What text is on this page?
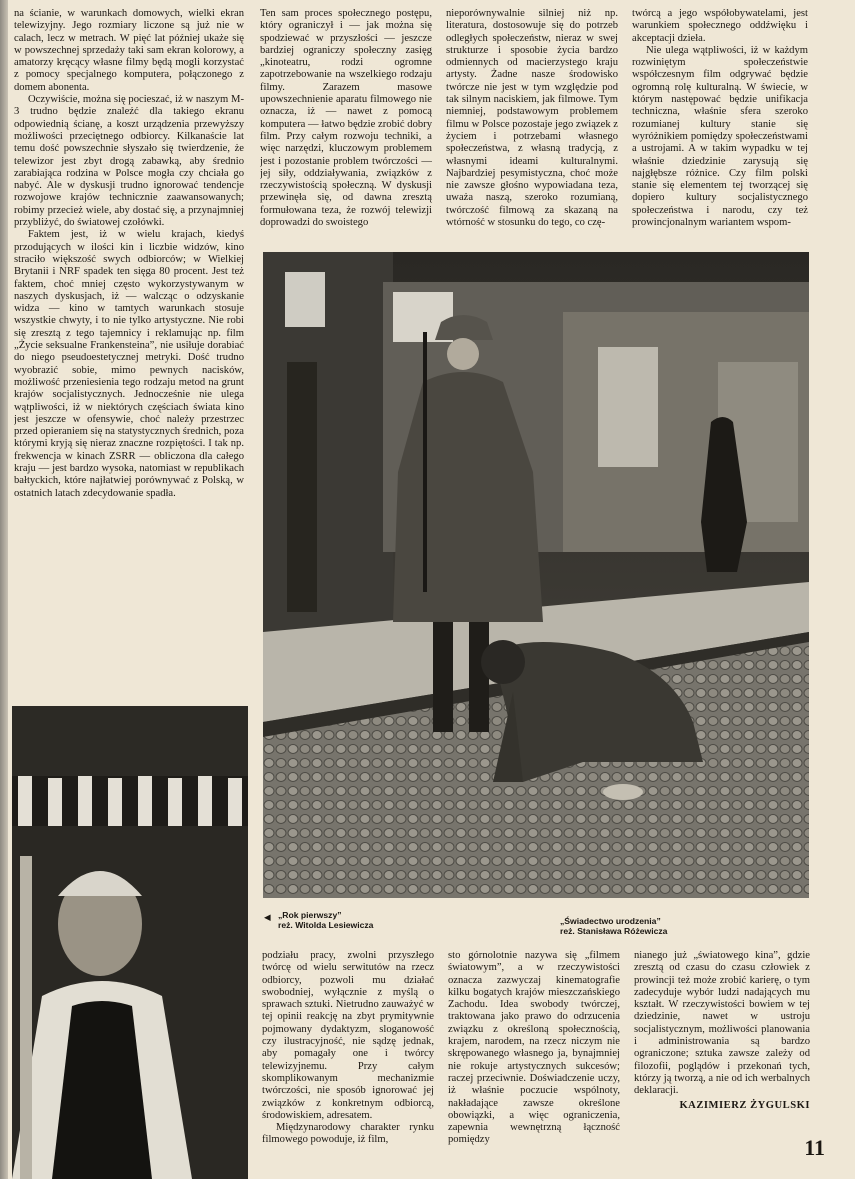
na ścianie, w warunkach domowych, wielki ekran telewizyjny. Jego rozmiary liczone są już nie w calach, lecz w metrach. W pięć lat później ukaże się w powszechnej sprzedaży taki sam ekran kolorowy, a amatorzy kręcący własne filmy będą mogli korzystać z pomocy specjalnego komputera, połączonego z domem abonenta.

Oczywiście, można się pocieszać, iż w naszym M-3 trudno będzie znaleźć dla takiego ekranu odpowiednią ścianę, a koszt urządzenia przewyższy możliwości przeciętnego odbiorcy. Kilkanaście lat temu dość powszechnie słyszało się twierdzenie, że telewizor jest zbyt drogą zabawką, aby średnio zarabiająca rodzina w Polsce mogła czy chciała go nabyć. Ale w dyskusji trudno ignorować tendencje rozwojowe krajów technicznie zaawansowanych; robimy przecież wiele, aby dostać się, a przynajmniej przybliżyć, do światowej czołówki.

Faktem jest, iż w wielu krajach, kiedyś przodujących w ilości kin i liczbie widzów, kino straciło większość swych odbiorców; w Wielkiej Brytanii i NRF spadek ten sięga 80 procent. Jest też faktem, choć mniej często wykorzystywanym w naszych dyskusjach, iż — walcząc o odzyskanie widza — kino w tamtych warunkach stosuje wszystkie chwyty, i to nie tylko artystyczne. Nie robi się zresztą z tego tajemnicy i reklamując np. film „Życie seksualne Frankensteina”, nie usiłuje dorabiać do niego pseudoestetycznej metryki. Dość trudno wyobrazić sobie, mimo pewnych nacisków, możliwość przeniesienia tego rodzaju metod na grunt krajów socjalistycznych. Jednocześnie nie ulega wątpliwości, iż w niektórych częściach świata kino jest jeszcze w ofensywie, choć należy przestrzec przed opieraniem się na statystycznych średnich, poza którymi kryją się nieraz znaczne rozpiętości. I tak np. frekwencja w kinach ZSRR — obliczona dla całego kraju — jest bardzo wysoka, natomiast w republikach bałtyckich, które najłatwiej porównywać z Polską, w ostatnich latach zdecydowanie spadła.

Ten sam proces społecznego postępu, który ograniczył i — jak można się spodziewać w przyszłości — jeszcze bardziej ograniczy społeczny zasięg „kinoteatru, rodzi ogromne zapotrzebowanie na wszelkiego rodzaju filmy. Zarazem masowe upowszechnienie aparatu filmowego nie oznacza, iż — nawet z pomocą komputera — łatwo będzie zrobić dobry film. Przy całym rozwoju techniki, a więc narzędzi, kluczowym problemem jest i pozostanie problem twórczości — jej siły, oddziaływania, związków z rzeczywistością społeczną. W dyskusji przewinęła się, od dawna zresztą formułowana teza, że rozwój telewizji doprowadzi do swoistego

nieporównywalnie silniej niż np. literatura, dostosowuje się do potrzeb odległych społeczeństw, nieraz w swej strukturze i sposobie życia bardzo odmiennych od macierzystego kraju artysty. Żadne nasze środowisko twórcze nie jest w tym względzie pod tak silnym naciskiem, jak filmowe. Tym niemniej, podstawowym problemem filmu w Polsce pozostaje jego związek z życiem i potrzebami własnego społeczeństwa, z własną tradycją, z własnymi ideami kulturalnymi. Najbardziej pesymistyczna, choć może nie zawsze głośno wypowiadana teza, uważa naszą, szeroko rozumianą, twórczość filmową za skazaną na wtórność w stosunku do tego, co czę-

twórcą a jego współobywatelami, jest warunkiem społecznego oddźwięku i akceptacji dzieła.

Nie ulega wątpliwości, iż w każdym rozwiniętym społeczeństwie współczesnym film odgrywać będzie ogromną rolę kulturalną. W świecie, w którym następować będzie unifikacja techniczna, właśnie sfera szeroko rozumianej kultury stanie się wyróżnikiem pomiędzy społeczeństwami a ustrojami. A w takim wypadku w tej właśnie dziedzinie zarysują się najgłębsze różnice. Czy film polski stanie się elementem tej tworzącej się dopiero kultury socjalistycznego społeczeństwa i narodu, czy też prowincjonalnym wariantem wspom-

◀ „Rok pierwszy”
reż. Witolda Lesiewicza	„Świadectwo urodzenia”
reż. Stanisława Różewicza

podziału pracy, zwolni przyszłego twórcę od wielu serwitutów na rzecz odbiorcy, pozwoli mu działać swobodniej, wyłącznie z myślą o sprawach sztuki. Nietrudno zauważyć w tej opinii reakcję na zbyt prymitywnie pojmowany dydaktyzm, sloganowość czy ilustracyjność, nie sądzę jednak, aby pomagały one i twórcy telewizyjnemu. Przy całym skomplikowanym mechanizmie twórczości, nie sposób ignorować jej związków z konkretnym odbiorcą, środowiskiem, adresatem.

Międzynarodowy charakter rynku filmowego powoduje, iż film,

sto górnolotnie nazywa się „filmem światowym”, a w rzeczywistości oznacza zazwyczaj kinematografie kilku bogatych krajów mieszczańskiego Zachodu. Idea swobody twórczej, traktowana jako prawo do odrzucenia związku z określoną społecznością, krajem, narodem, na rzecz niczym nie skrępowanego własnego ja, bynajmniej nie rokuje artystycznych sukcesów; raczej przeciwnie. Doświadczenie uczy, iż właśnie poczucie wspólnoty, nakładające zawsze określone obowiązki, a więc ograniczenia, zapewnia wewnętrzną łączność pomiędzy

nianego już „światowego kina”, gdzie zresztą od czasu do czasu człowiek z prowincji też może zrobić karierę, o tym zadecyduje wybór ludzi nadających mu kształt. W rzeczywistości bowiem w tej dziedzinie, nawet w ustroju socjalistycznym, możliwości planowania i administrowania są bardzo ograniczone; sztuka zawsze zależy od filozofii, poglądów i przekonań tych, którzy ją tworzą, a nie od ich werbalnych deklaracji.

KAZIMIERZ ŻYGULSKI

11
